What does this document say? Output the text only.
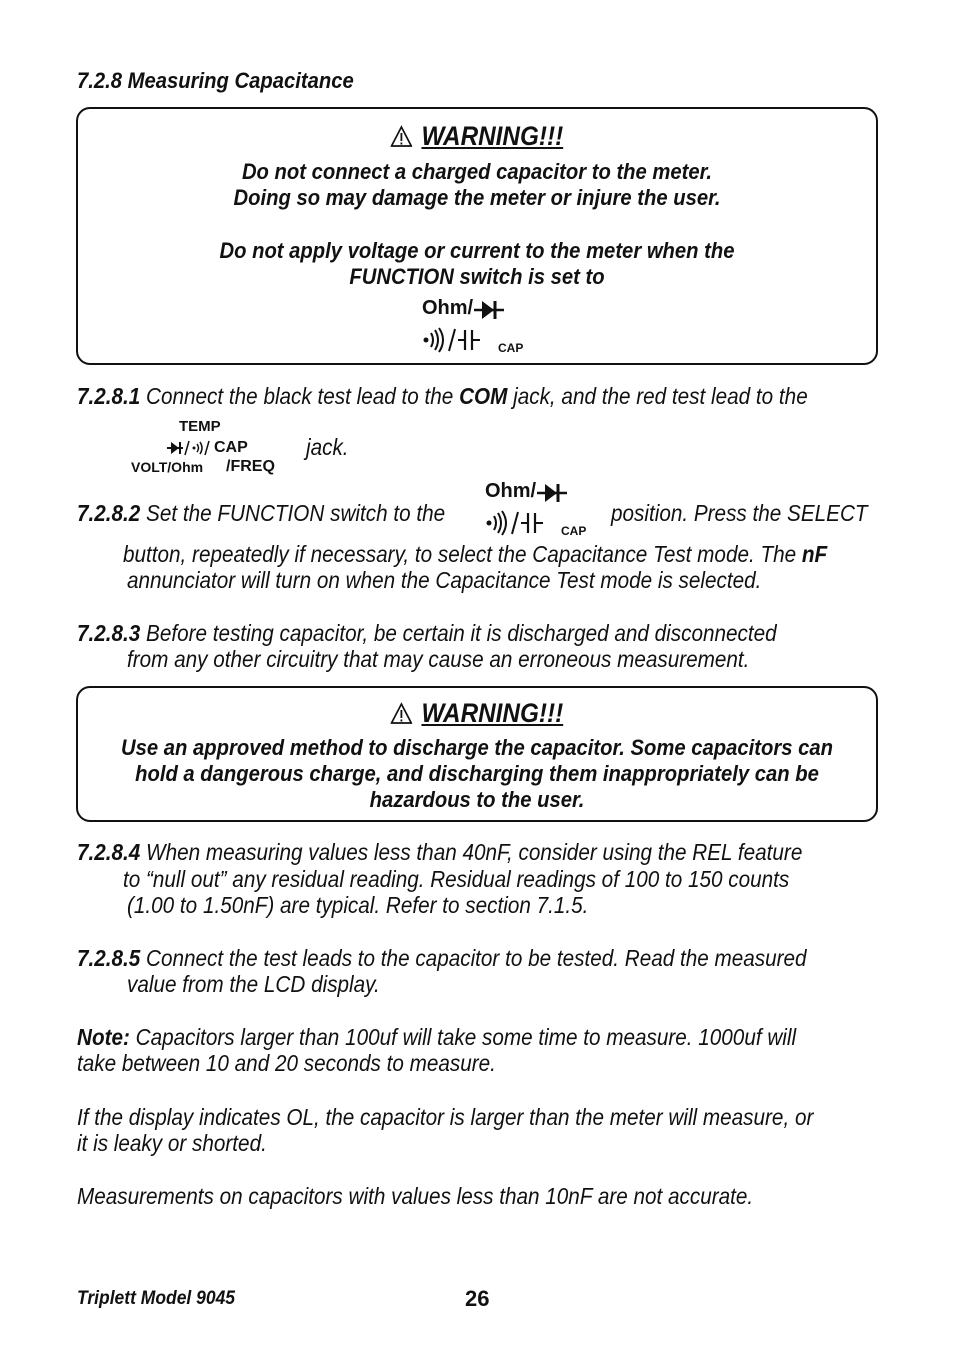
7.2.8 Measuring Capacitance
WARNING!!!
Do not connect a charged capacitor to the meter.
Doing so may damage the meter or injure the user.
Do not apply voltage or current to the meter when the
FUNCTION switch is set to
Ohm/
CAP
7.2.8.1 Connect the black test lead to the COM jack, and the red test lead to the
TEMP
CAP
VOLT/Ohm /FREQ
jack.
7.2.8.2 Set the FUNCTION switch to the
Ohm/
CAP
position. Press the SELECT
button, repeatedly if necessary, to select the Capacitance Test mode. The nF
annunciator will turn on when the Capacitance Test mode is selected.
7.2.8.3 Before testing capacitor, be certain it is discharged and disconnected
from any other circuitry that may cause an erroneous measurement.
WARNING!!!
Use an approved method to discharge the capacitor. Some capacitors can
hold a dangerous charge, and discharging them inappropriately can be
hazardous to the user.
7.2.8.4 When measuring values less than 40nF, consider using the REL feature
to “null out” any residual reading. Residual readings of 100 to 150 counts
(1.00 to 1.50nF) are typical. Refer to section 7.1.5.
7.2.8.5 Connect the test leads to the capacitor to be tested. Read the measured
value from the LCD display.
Note: Capacitors larger than 100uf will take some time to measure. 1000uf will
take between 10 and 20 seconds to measure.
If the display indicates OL, the capacitor is larger than the meter will measure, or
it is leaky or shorted.
Measurements on capacitors with values less than 10nF are not accurate.
Triplett Model 9045	26
